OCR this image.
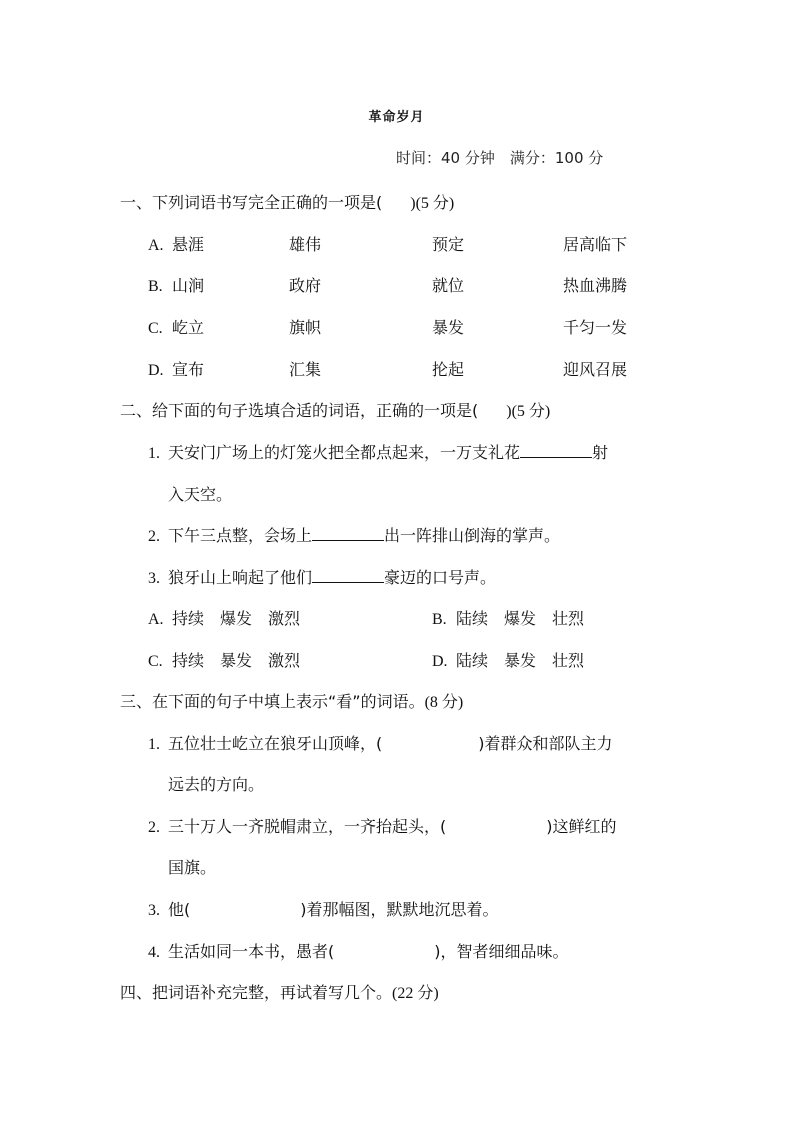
革命岁月
时间：40 分钟　满分：100 分
一、下列词语书写完全正确的一项是( )(5 分)
A. 悬涯	雄伟	预定	居高临下
B. 山涧	政府	就位	热血沸腾
C. 屹立	旗帜	暴发	千匀一发
D. 宣布	汇集	抡起	迎风召展
二、给下面的句子选填合适的词语，正确的一项是( )(5 分)
1. 天安门广场上的灯笼火把全都点起来，一万支礼花	射
入天空。
2. 下午三点整，会场上	出一阵排山倒海的掌声。
3. 狼牙山上响起了他们	豪迈的口号声。
A. 持续　爆发　激烈	B. 陆续　爆发　壮烈
C. 持续　暴发　激烈	D. 陆续　暴发　壮烈
三、在下面的句子中填上表示“看”的词语。(8 分)
1. 五位壮士屹立在狼牙山顶峰，(	)着群众和部队主力
远去的方向。
2. 三十万人一齐脱帽肃立，一齐抬起头，(	)这鲜红的
国旗。
3. 他(	)着那幅图，默默地沉思着。
4. 生活如同一本书，愚者(	)，智者细细品味。
四、把词语补充完整，再试着写几个。(22 分)
